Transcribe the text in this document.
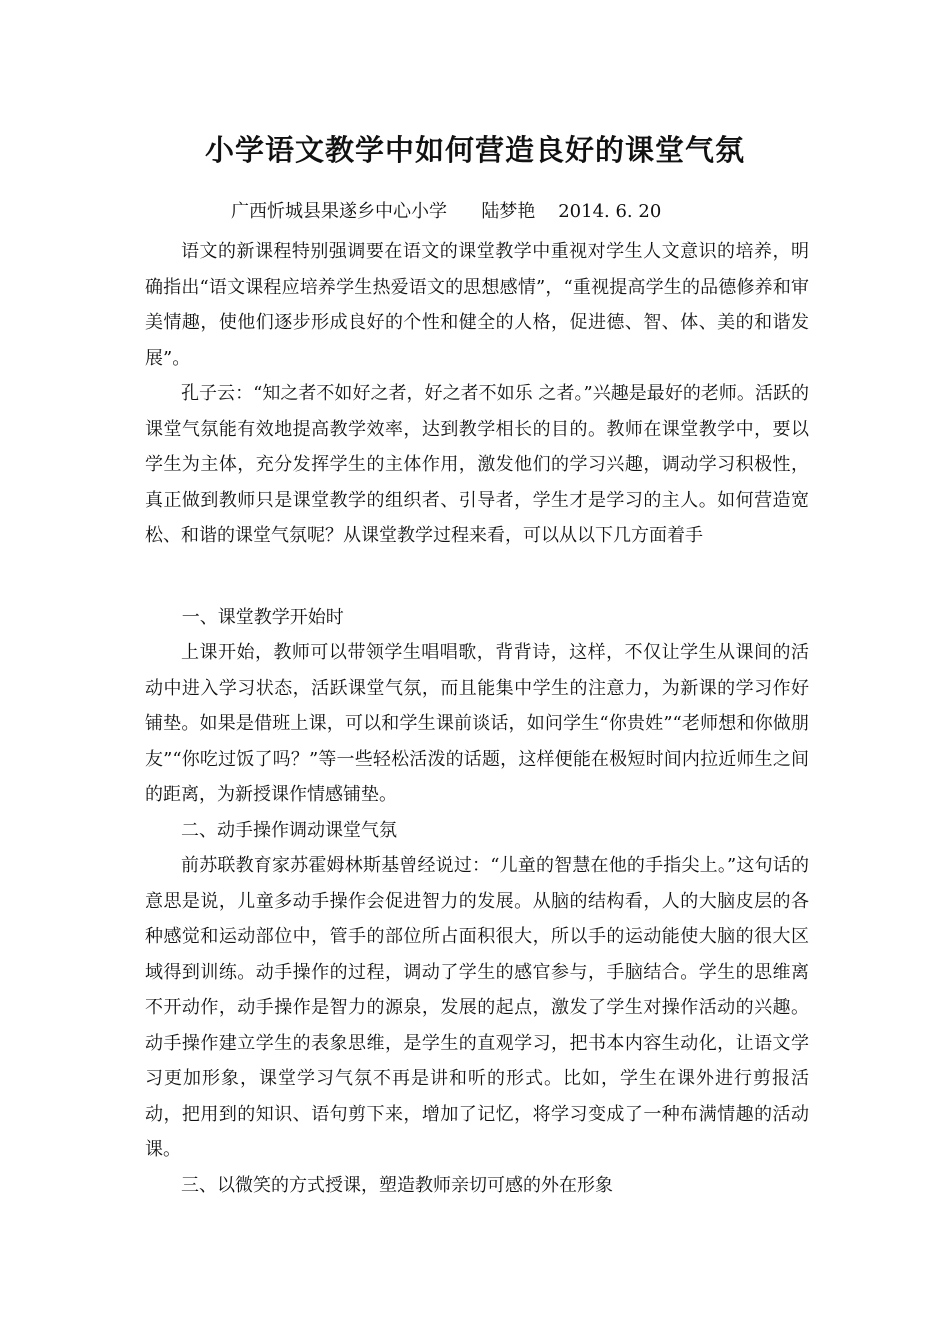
小学语文教学中如何营造良好的课堂气氛
广西忻城县果遂乡中心小学      陆梦艳    2014. 6. 20

语文的新课程特别强调要在语文的课堂教学中重视对学生人文意识的培养，明确指出“语文课程应培养学生热爱语文的思想感情”，“重视提高学生的品德修养和审美情趣，使他们逐步形成良好的个性和健全的人格，促进德、智、体、美的和谐发展”。

孔子云：“知之者不如好之者，好之者不如乐 之者。”兴趣是最好的老师。活跃的课堂气氛能有效地提高教学效率，达到教学相长的目的。教师在课堂教学中，要以学生为主体，充分发挥学生的主体作用，激发他们的学习兴趣，调动学习积极性，真正做到教师只是课堂教学的组织者、引导者，学生才是学习的主人。如何营造宽松、和谐的课堂气氛呢？从课堂教学过程来看，可以从以下几方面着手

一、课堂教学开始时

上课开始，教师可以带领学生唱唱歌，背背诗，这样，不仅让学生从课间的活动中进入学习状态，活跃课堂气氛，而且能集中学生的注意力，为新课的学习作好铺垫。如果是借班上课，可以和学生课前谈话，如问学生“你贵姓”“老师想和你做朋友”“你吃过饭了吗？”等一些轻松活泼的话题，这样便能在极短时间内拉近师生之间的距离，为新授课作情感铺垫。

二、动手操作调动课堂气氛

前苏联教育家苏霍姆林斯基曾经说过：“儿童的智慧在他的手指尖上。”这句话的意思是说，儿童多动手操作会促进智力的发展。从脑的结构看，人的大脑皮层的各种感觉和运动部位中，管手的部位所占面积很大，所以手的运动能使大脑的很大区域得到训练。动手操作的过程，调动了学生的感官参与，手脑结合。学生的思维离不开动作，动手操作是智力的源泉，发展的起点，激发了学生对操作活动的兴趣。动手操作建立学生的表象思维，是学生的直观学习，把书本内容生动化，让语文学习更加形象，课堂学习气氛不再是讲和听的形式。比如，学生在课外进行剪报活动，把用到的知识、语句剪下来，增加了记忆，将学习变成了一种布满情趣的活动课。

三、以微笑的方式授课，塑造教师亲切可感的外在形象
